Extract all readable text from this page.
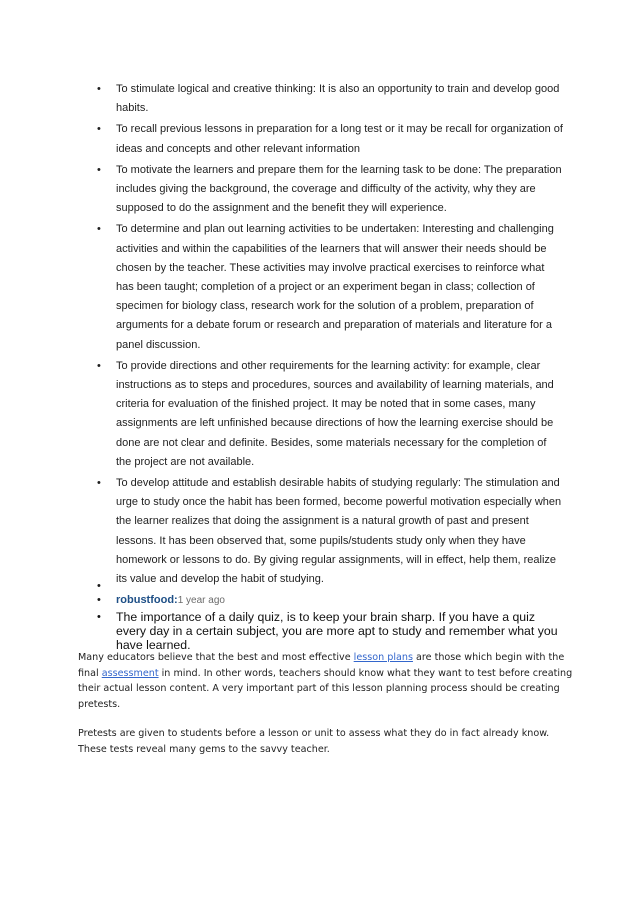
• To stimulate logical and creative thinking: It is also an opportunity to train and develop good habits.
• To recall previous lessons in preparation for a long test or it may be recall for organization of ideas and concepts and other relevant information
• To motivate the learners and prepare them for the learning task to be done: The preparation includes giving the background, the coverage and difficulty of the activity, why they are supposed to do the assignment and the benefit they will experience.
• To determine and plan out learning activities to be undertaken: Interesting and challenging activities and within the capabilities of the learners that will answer their needs should be chosen by the teacher. These activities may involve practical exercises to reinforce what has been taught; completion of a project or an experiment began in class; collection of specimen for biology class, research work for the solution of a problem, preparation of arguments for a debate forum or research and preparation of materials and literature for a panel discussion.
• To provide directions and other requirements for the learning activity: for example, clear instructions as to steps and procedures, sources and availability of learning materials, and criteria for evaluation of the finished project. It may be noted that in some cases, many assignments are left unfinished because directions of how the learning exercise should be done are not clear and definite. Besides, some materials necessary for the completion of the project are not available.
• To develop attitude and establish desirable habits of studying regularly: The stimulation and urge to study once the habit has been formed, become powerful motivation especially when the learner realizes that doing the assignment is a natural growth of past and present lessons. It has been observed that, some pupils/students study only when they have homework or lessons to do. By giving regular assignments, will in effect, help them, realize its value and develop the habit of studying.
•
• robustfood:1 year ago
• The importance of a daily quiz, is to keep your brain sharp. If you have a quiz every day in a certain subject, you are more apt to study and remember what you have learned.

Many educators believe that the best and most effective lesson plans are those which begin with the final assessment in mind. In other words, teachers should know what they want to test before creating their actual lesson content. A very important part of this lesson planning process should be creating pretests.

Pretests are given to students before a lesson or unit to assess what they do in fact already know. These tests reveal many gems to the savvy teacher.
